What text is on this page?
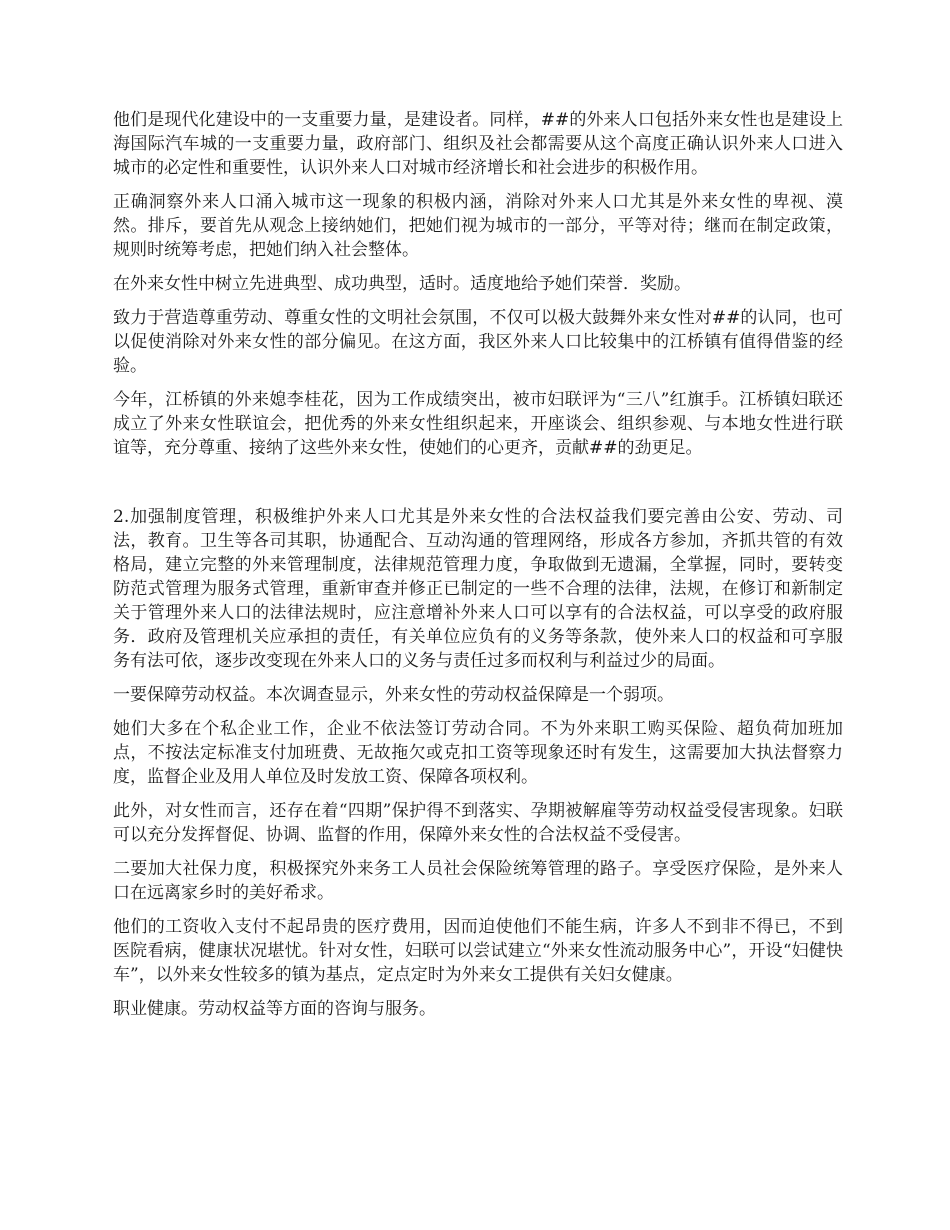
他们是现代化建设中的一支重要力量，是建设者。同样，##的外来人口包括外来女性也是建设上海国际汽车城的一支重要力量，政府部门、组织及社会都需要从这个高度正确认识外来人口进入城市的必定性和重要性，认识外来人口对城市经济增长和社会进步的积极作用。

正确洞察外来人口涌入城市这一现象的积极内涵，消除对外来人口尤其是外来女性的卑视、漠然。排斥，要首先从观念上接纳她们，把她们视为城市的一部分，平等对待；继而在制定政策，规则时统筹考虑，把她们纳入社会整体。

在外来女性中树立先进典型、成功典型，适时。适度地给予她们荣誉．奖励。

致力于营造尊重劳动、尊重女性的文明社会氛围，不仅可以极大鼓舞外来女性对##的认同，也可以促使消除对外来女性的部分偏见。在这方面，我区外来人口比较集中的江桥镇有值得借鉴的经验。

今年，江桥镇的外来媳李桂花，因为工作成绩突出，被市妇联评为“三八”红旗手。江桥镇妇联还成立了外来女性联谊会，把优秀的外来女性组织起来，开座谈会、组织参观、与本地女性进行联谊等，充分尊重、接纳了这些外来女性，使她们的心更齐，贡献##的劲更足。

2.加强制度管理，积极维护外来人口尤其是外来女性的合法权益我们要完善由公安、劳动、司法，教育。卫生等各司其职，协通配合、互动沟通的管理网络，形成各方参加，齐抓共管的有效格局，建立完整的外来管理制度，法律规范管理力度，争取做到无遗漏，全掌握，同时，要转变防范式管理为服务式管理，重新审查并修正已制定的一些不合理的法律，法规，在修订和新制定关于管理外来人口的法律法规时，应注意增补外来人口可以享有的合法权益，可以享受的政府服务．政府及管理机关应承担的责任，有关单位应负有的义务等条款，使外来人口的权益和可享服务有法可依，逐步改变现在外来人口的义务与责任过多而权利与利益过少的局面。

一要保障劳动权益。本次调查显示，外来女性的劳动权益保障是一个弱项。

她们大多在个私企业工作，企业不依法签订劳动合同。不为外来职工购买保险、超负荷加班加点，不按法定标准支付加班费、无故拖欠或克扣工资等现象还时有发生，这需要加大执法督察力度，监督企业及用人单位及时发放工资、保障各项权利。

此外，对女性而言，还存在着“四期”保护得不到落实、孕期被解雇等劳动权益受侵害现象。妇联可以充分发挥督促、协调、监督的作用，保障外来女性的合法权益不受侵害。

二要加大社保力度，积极探究外来务工人员社会保险统筹管理的路子。享受医疗保险，是外来人口在远离家乡时的美好希求。

他们的工资收入支付不起昂贵的医疗费用，因而迫使他们不能生病，许多人不到非不得已，不到医院看病，健康状况堪忧。针对女性，妇联可以尝试建立“外来女性流动服务中心”，开设“妇健快车”，以外来女性较多的镇为基点，定点定时为外来女工提供有关妇女健康。

职业健康。劳动权益等方面的咨询与服务。
